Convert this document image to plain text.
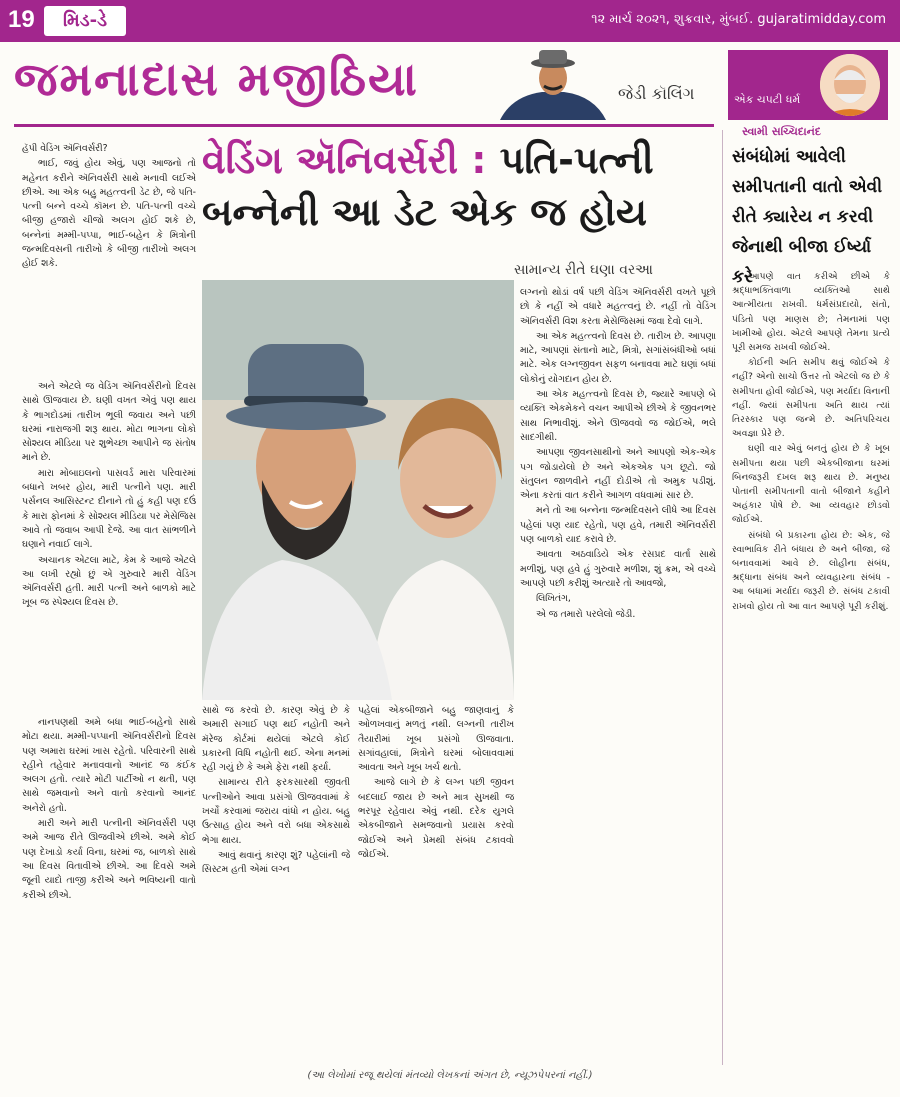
19	મિડ-ડે	૧૨ માર્ચ ૨૦૨૧, શુક્રવાર, મુંબઈ. gujaratimidday.com
જમનાદાસ મજીઠિયા	જેડી કૉલિંગ	એક ચપટી ધર્મ
સ્વામી સચ્ચિદાનંદ
સંબંધોમાં આવેલી સમીપતાની વાતો એવી રીતે ક્યારેય ન કરવી જેનાથી બીજા ઈર્ષ્યા કરે

આપણે વાત કરીએ છીએ કે શ્રદ્ધાભક્તિવાળા વ્યક્તિઓ સાથે આત્મીયતા રાખવી. ધર્મસંપ્રદાયો, સંતો, પંડિતો પણ માણસ છે; તેમનામાં પણ ખામીઓ હોય. એટલે આપણે તેમના પ્રત્યે પૂરી સમજ રાખવી જોઈએ.

કોઈની અતિ સમીપ થવું જોઈએ કે નહીં? એનો સાચો ઉત્તર તો એટલો જ છે કે સમીપતા હોવી જોઈએ, પણ મર્યાદા વિનાની નહીં. જ્યાં સમીપતા અતિ થાય ત્યાં તિરસ્કાર પણ જન્મે છે. અતિપરિચય અવજ્ઞા પ્રેરે છે.

ઘણી વાર એવું બનતું હોય છે કે ખૂબ સમીપતા થયા પછી એકબીજાના ઘરમાં બિનજરૂરી દખલ શરૂ થાય છે. મનુષ્ય પોતાની સમીપતાની વાતો બીજાને કહીને અહંકાર પોષે છે. આ વ્યવહાર છોડવો જોઈએ.

સંબંધો બે પ્રકારના હોય છે: એક, જે સ્વાભાવિક રીતે બંધાય છે અને બીજા, જે બનાવવામાં આવે છે. લોહીના સંબંધ, શ્રદ્ધાના સંબંધ અને વ્યવહારના સંબંધ - આ બધામાં મર્યાદા જરૂરી છે. સંબંધ ટકાવી રાખવો હોય તો આ વાત આપણે પૂરી કરીશું.

વેડિંગ ઍનિવર્સરી : પતિ-પત્ની
બન્નેની આ ડેટ એક જ હોય
સામાન્ય રીતે ઘણા વરઆ

હૅપી વેડિંગ ઍનિવર્સરી?

ભાઈ, જવું હોય એવું, પણ આજનો તો મહેનત કરીને ઍનિવર્સરી સાથે મનાવી લઈએ છીએ. આ એક બહુ મહત્ત્વની ડેટ છે, જે પતિ-પત્ની બન્ને વચ્ચે કૉમન છે. પતિ-પત્ની વચ્ચે બીજી હજારો ચીજો અલગ હોઈ શકે છે, બન્નેનાં મમ્મી-પપ્પા, ભાઈ-બહેન કે મિત્રોની જન્મદિવસની તારીખો કે બીજી તારીખો અલગ હોઈ શકે.

અને એટલે જ વેડિંગ ઍનિવર્સરીનો દિવસ સાથે ઊજવાય છે. ઘણી વખત એવું પણ થાય કે ભાગદોડમાં તારીખ ભૂલી જવાય અને પછી ઘરમાં નારાજગી શરૂ થાય. મોટા ભાગના લોકો સોશ્યલ મીડિયા પર શુભેચ્છા આપીને જ સંતોષ માને છે.

મારા મોબાઇલનો પાસવર્ડ મારા પરિવારમાં બધાને ખબર હોય, મારી પત્નીને પણ. મારી પર્સનલ આસિસ્ટન્ટ દીનાને તો હું કહી પણ દઉં કે મારા ફોનમાં કે સોશ્યલ મીડિયા પર મેસેજિસ આવે તો જવાબ આપી દેજે. આ વાત સાંભળીને ઘણાને નવાઈ લાગે.

અચાનક એટલા માટે, કેમ કે આજે એટલે આ લખી રહ્યો છું એ ગુરુવારે મારી વેડિંગ ઍનિવર્સરી હતી. મારી પત્ની અને બાળકો માટે ખૂબ જ સ્પેશ્યલ દિવસ છે.

નાનપણથી અમે બધા ભાઈ-બહેનો સાથે મોટા થયા. મમ્મી-પપ્પાની ઍનિવર્સરીનો દિવસ પણ અમારા ઘરમાં ખાસ રહેતો. પરિવારની સાથે રહીને તહેવાર મનાવવાનો આનંદ જ કંઈક અલગ હતો. ત્યારે મોટી પાર્ટીઓ ન થતી, પણ સાથે જમવાનો અને વાતો કરવાનો આનંદ અનેરો હતો.

મારી અને મારી પત્નીની ઍનિવર્સરી પણ અમે આજ રીતે ઊજવીએ છીએ. અમે કોઈ પણ દેખાડો કર્યા વિના, ઘરમાં જ, બાળકો સાથે આ દિવસ વિતાવીએ છીએ. આ દિવસે અમે જૂની યાદો તાજી કરીએ અને ભવિષ્યની વાતો કરીએ છીએ.

સાથે જ કરવો છે. કારણ એવું છે કે અમારી સગાઈ પણ થઈ નહોતી અને મૅરેજ કોર્ટમાં થયેલાં એટલે કોઈ પ્રકારની વિધિ નહોતી થઈ. એના મનમાં રહી ગયું છે કે અમે ફેરા નથી ફર્યા.

સામાન્ય રીતે ફરકસારથી જીવતી પત્નીઓને આવા પ્રસંગો ઊજવવામાં કે ખર્ચો કરવામાં જરાય વાંધો ન હોય. બહુ ઉત્સાહ હોય અને વરો બધા એકસાથે ભેગા થાય.

આવું થવાનું કારણ શું? પહેલાંની જે સિસ્ટમ હતી એમાં લગ્ન

પહેલાં એકબીજાને બહુ જાણવાનું કે ઓળખવાનું મળતું નથી. લગ્નની તારીખ તૈયારીમાં ખૂબ પ્રસંગો ઊજવાતા. સગાંવહાલાં, મિત્રોને ઘરમાં બોલાવવામાં આવતા અને ખૂબ ખર્ચ થતો.

આજે લાગે છે કે લગ્ન પછી જીવન બદલાઈ જાય છે અને માત્ર સુખથી જ ભરપૂર રહેવાય એવું નથી. દરેક યુગલે એકબીજાને સમજવાનો પ્રયાસ કરવો જોઈએ અને પ્રેમથી સંબંધ ટકાવવો જોઈએ.

લગ્નનો થોડાં વર્ષ પછી વેડિંગ ઍનિવર્સરી વખતે પૂછો છો કે નહીં એ વધારે મહત્ત્વનું છે. નહીં તો વેડિંગ ઍનિવર્સરી વિશ કરતા મેસેજિસમાં જવા દેવો લાગે.

આ એક મહત્ત્વનો દિવસ છે. તારીખ છે. આપણા માટે, આપણાં સંતાનો માટે, મિત્રો, સગાંસંબંધીઓ બધાં માટે. એક લગ્નજીવન સફળ બનાવવા માટે ઘણાં બધાં લોકોનું યોગદાન હોય છે.

આ એક મહત્ત્વનો દિવસ છે, જ્યારે આપણે બે વ્યક્તિ એકમેકને વચન આપીએ છીએ કે જીવનભર સાથ નિભાવીશું. એને ઊજવવો જ જોઈએ, ભલે સાદગીથી.

આપણા જીવનસાથીનો અને આપણો એક-એક પગ જોડાયેલો છે અને એકએક પગ છૂટો. જો સંતુલન જાળવીને નહીં દોડીએ તો અમુક પડીશું. એના કરતાં વાત કરીને આગળ વધવામાં સાર છે.

મને તો આ બન્નેના જન્મદિવસને લીધે આ દિવસ પહેલાં પણ યાદ રહેતો, પણ હવે, તમારી ઍનિવર્સરી પણ બાળકો યાદ કરાવે છે.

આવતા અઠવાડિયે એક રસપ્રદ વાર્તા સાથે મળીશું, પણ હવે હું ગુરુવારે મળીશ, શું ક્રમ, એ વચ્ચે આપણે પછી કરીશું અત્યારે તો આવજો,

લિખિતંગ,

એ જ તમારો પરલેલો જેડી.

(આ લેખોમાં રજૂ થયેલાં મંતવ્યો લેખકનાં અંગત છે, ન્યૂઝપેપરનાં નહીં.)
